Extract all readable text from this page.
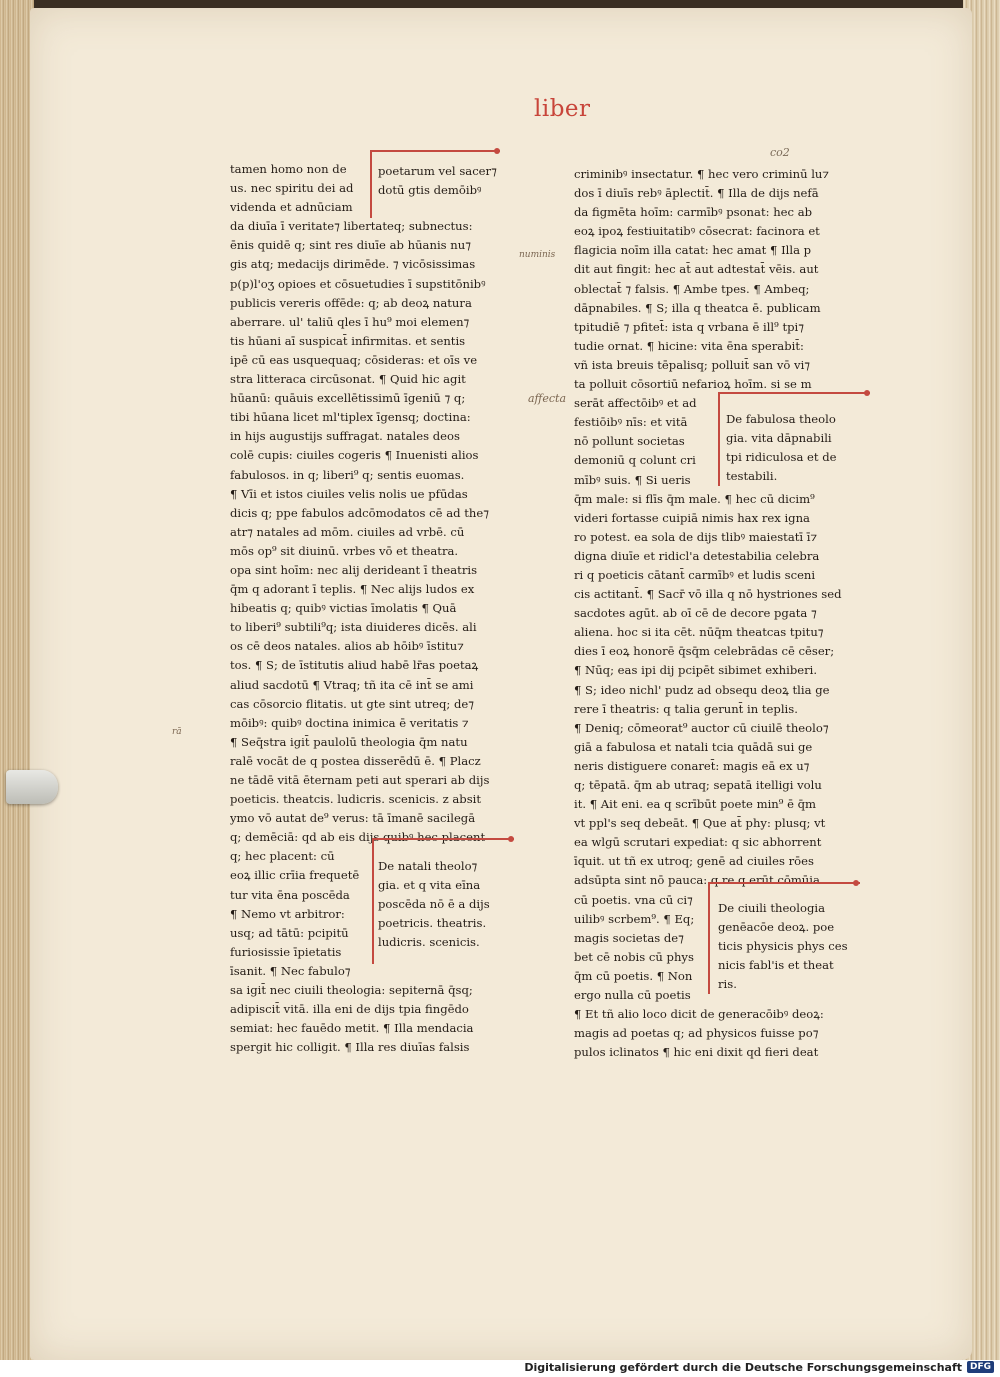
liber
co2
numinis
affecta
rā
tamen homo non de
us. nec spiritu dei ad
videnda et adnūciam
da diuīa ī veritate⁊ libertateq; subnectus:
ēnis quidē q; sint res diuīe ab hūanis nu⁊
gis atq; medacijs dirimēde. ⁊ vicōsissimas
p(p)l'oʒ opioes et cōsuetudies ī supstitōnibꝰ
publicis vereris offēde: q; ab deoꝝ natura
aberrare. ul' taliū qles ī hu⁹ moi elemen⁊
tis hūani aī suspicat̄ infirmitas. et sentis
ipē cū eas usquequaq; cōsideras: et oīs ve
stra litteraca circūsonat. ¶ Quid hic agit
hūanū: quāuis excellētissimū īgeniū ⁊ q;
tibi hūana licet ml'tiplex īgensq; doctina:
in hijs augustijs suffragat. natales deos
colē cupis: ciuiles cogeris ¶ Inuenisti alios
fabulosos. in q; liberi⁹ q; sentis euomas.
¶ Vīi et istos ciuiles velis nolis ue pfūdas
dicis q; ppe fabulos adcōmodatos cē ad the⁊
atr⁊ natales ad mōm. ciuiles ad vrbē. cū
mōs op⁹ sit diuinū. vrbes vō et theatra.
opa sint hoīm: nec alij derideant ī theatris
q̄m q adorant ī teplis. ¶ Nec alijs ludos ex
hibeatis q; quibꝰ victias īmolatis ¶ Quā
to liberi⁹ subtili⁹q; ista diuideres dicēs. ali
os cē deos natales. alios ab hōibꝰ īstitu⁊
tos. ¶ S; de īstitutis aliud habē lr̄as poetaꝝ
aliud sacdotū ¶ Vtraq; tñ ita cē int̄ se ami
cas cōsorcio flitatis. ut gte sint utreq; de⁊
mōibꝰ: quibꝰ doctina inimica ē veritatis ⁊
¶ Seq̄stra igit̄ paulolū theologia q̄m natu
ralē vocāt de q postea disserēdū ē. ¶ Placz
ne tādē vitā ēternam peti aut sperari ab dijs
poeticis. theatcis. ludicris. scenicis. z absit
ymo vō autat de⁹ verus: tā īmanē sacilegā
q; demēciā: qd ab eis dijs quibꝰ hec placent
q; hec placent: cū
eoꝝ illic crīia frequetē
tur vita ēna poscēda
¶ Nemo vt arbitror:
usq; ad tātū: pcipitū
furiosissie īpietatis
īsanit. ¶ Nec fabulo⁊
sa igit̄ nec ciuili theologia: sepiternā q̄sq;
adipiscit̄ vitā. illa eni de dijs tpia fingēdo
semiat: hec fauēdo metit. ¶ Illa mendacia
spergit hic colligit. ¶ Illa res diuīas falsis
criminibꝰ insectatur. ¶ hec vero criminū lu⁊
dos ī diuīs rebꝰ āplectit̄. ¶ Illa de dijs nefā
da figmēta hoīm: carmībꝰ psonat: hec ab
eoꝝ ipoꝝ festiuitatibꝰ cōsecrat: facinora et
flagicia noīm illa catat: hec amat ¶ Illa p
dit aut fingit: hec at̄ aut adtestat̄ vēis. aut
oblectat̄ ⁊ falsis. ¶ Ambe tpes. ¶ Ambeq;
dāpnabiles. ¶ S; illa q theatca ē. publicam
tpitudiē ⁊ pfitet̄: ista q vrbana ē ill⁹ tpi⁊
tudie ornat. ¶ hicine: vita ēna sperabit̄:
vñ ista breuis tēpalisq; polluit̄ san vō vi⁊
ta polluit cōsortiū nefarioꝝ hoīm. si se m
serāt affectōibꝰ et ad
festiōibꝰ nīs: et vitā
nō pollunt societas
demoniū q colunt cri
mībꝰ suis. ¶ Si ueris
q̄m male: si flīs q̄m male. ¶ hec cū dicim⁹
videri fortasse cuipiā nimis hax rex igna
ro potest. ea sola de dijs tlibꝰ maiestatī ī⁊
digna diuīe et ridicl'a detestabilia celebra
ri q poeticis cātant̄ carmībꝰ et ludis sceni
cis actitant̄. ¶ Sacr̄ vō illa q nō hystriones sed
sacdotes agūt. ab oī cē de decore pgata ⁊
aliena. hoc si ita cēt. nūq̄m theatcas tpitu⁊
dies ī eoꝝ honorē q̄sq̄m celebrādas cē cēser;
¶ Nūq; eas ipi dij pcipēt sibimet exhiberi.
¶ S; ideo nichl' pudz ad obsequ deoꝝ tlia ge
rere ī theatris: q talia gerunt̄ in teplis.
¶ Deniq; cōmeorat⁹ auctor cū ciuilē theolo⁊
giā a fabulosa et natali tcia quādā sui ge
neris distiguere conaret̄: magis eā ex u⁊
q; tēpatā. q̄m ab utraq; sepatā itelligi volu
it. ¶ Ait eni. ea q scrībūt poete min⁹ ē q̄m
vt ppl's seq debeāt. ¶ Que at̄ phy: plusq; vt
ea wlgū scrutari expediat: q sic abhorrent
īquit. ut tñ ex utroq; genē ad ciuiles rōes
adsūpta sint nō pauca: q re q erūt cōmūia
cū poetis. vna cū ci⁊
uilibꝰ scrbem⁹. ¶ Eq;
magis societas de⁊
bet cē nobis cū phys
q̄m cū poetis. ¶ Non
ergo nulla cū poetis
¶ Et tñ alio loco dicit de generacōibꝰ deoꝝ:
magis ad poetas q; ad physicos fuisse po⁊
pulos iclinatos ¶ hic eni dixit qd fieri deat
poetarum vel sacer⁊
dotū gtis demōibꝰ
De natali theolo⁊
gia. et q vita eīna
poscēda nō ē a dijs
poetricis. theatris.
ludicris. scenicis.
De fabulosa theolo
gia. vita dāpnabili
tpi ridiculosa et de
testabili.
De ciuili theologia
genēacōe deoꝝ. poe
ticis physicis phys ces
nicis fabl'is et theat
ris.
Digitalisierung gefördert durch die Deutsche Forschungsgemeinschaft DFG
